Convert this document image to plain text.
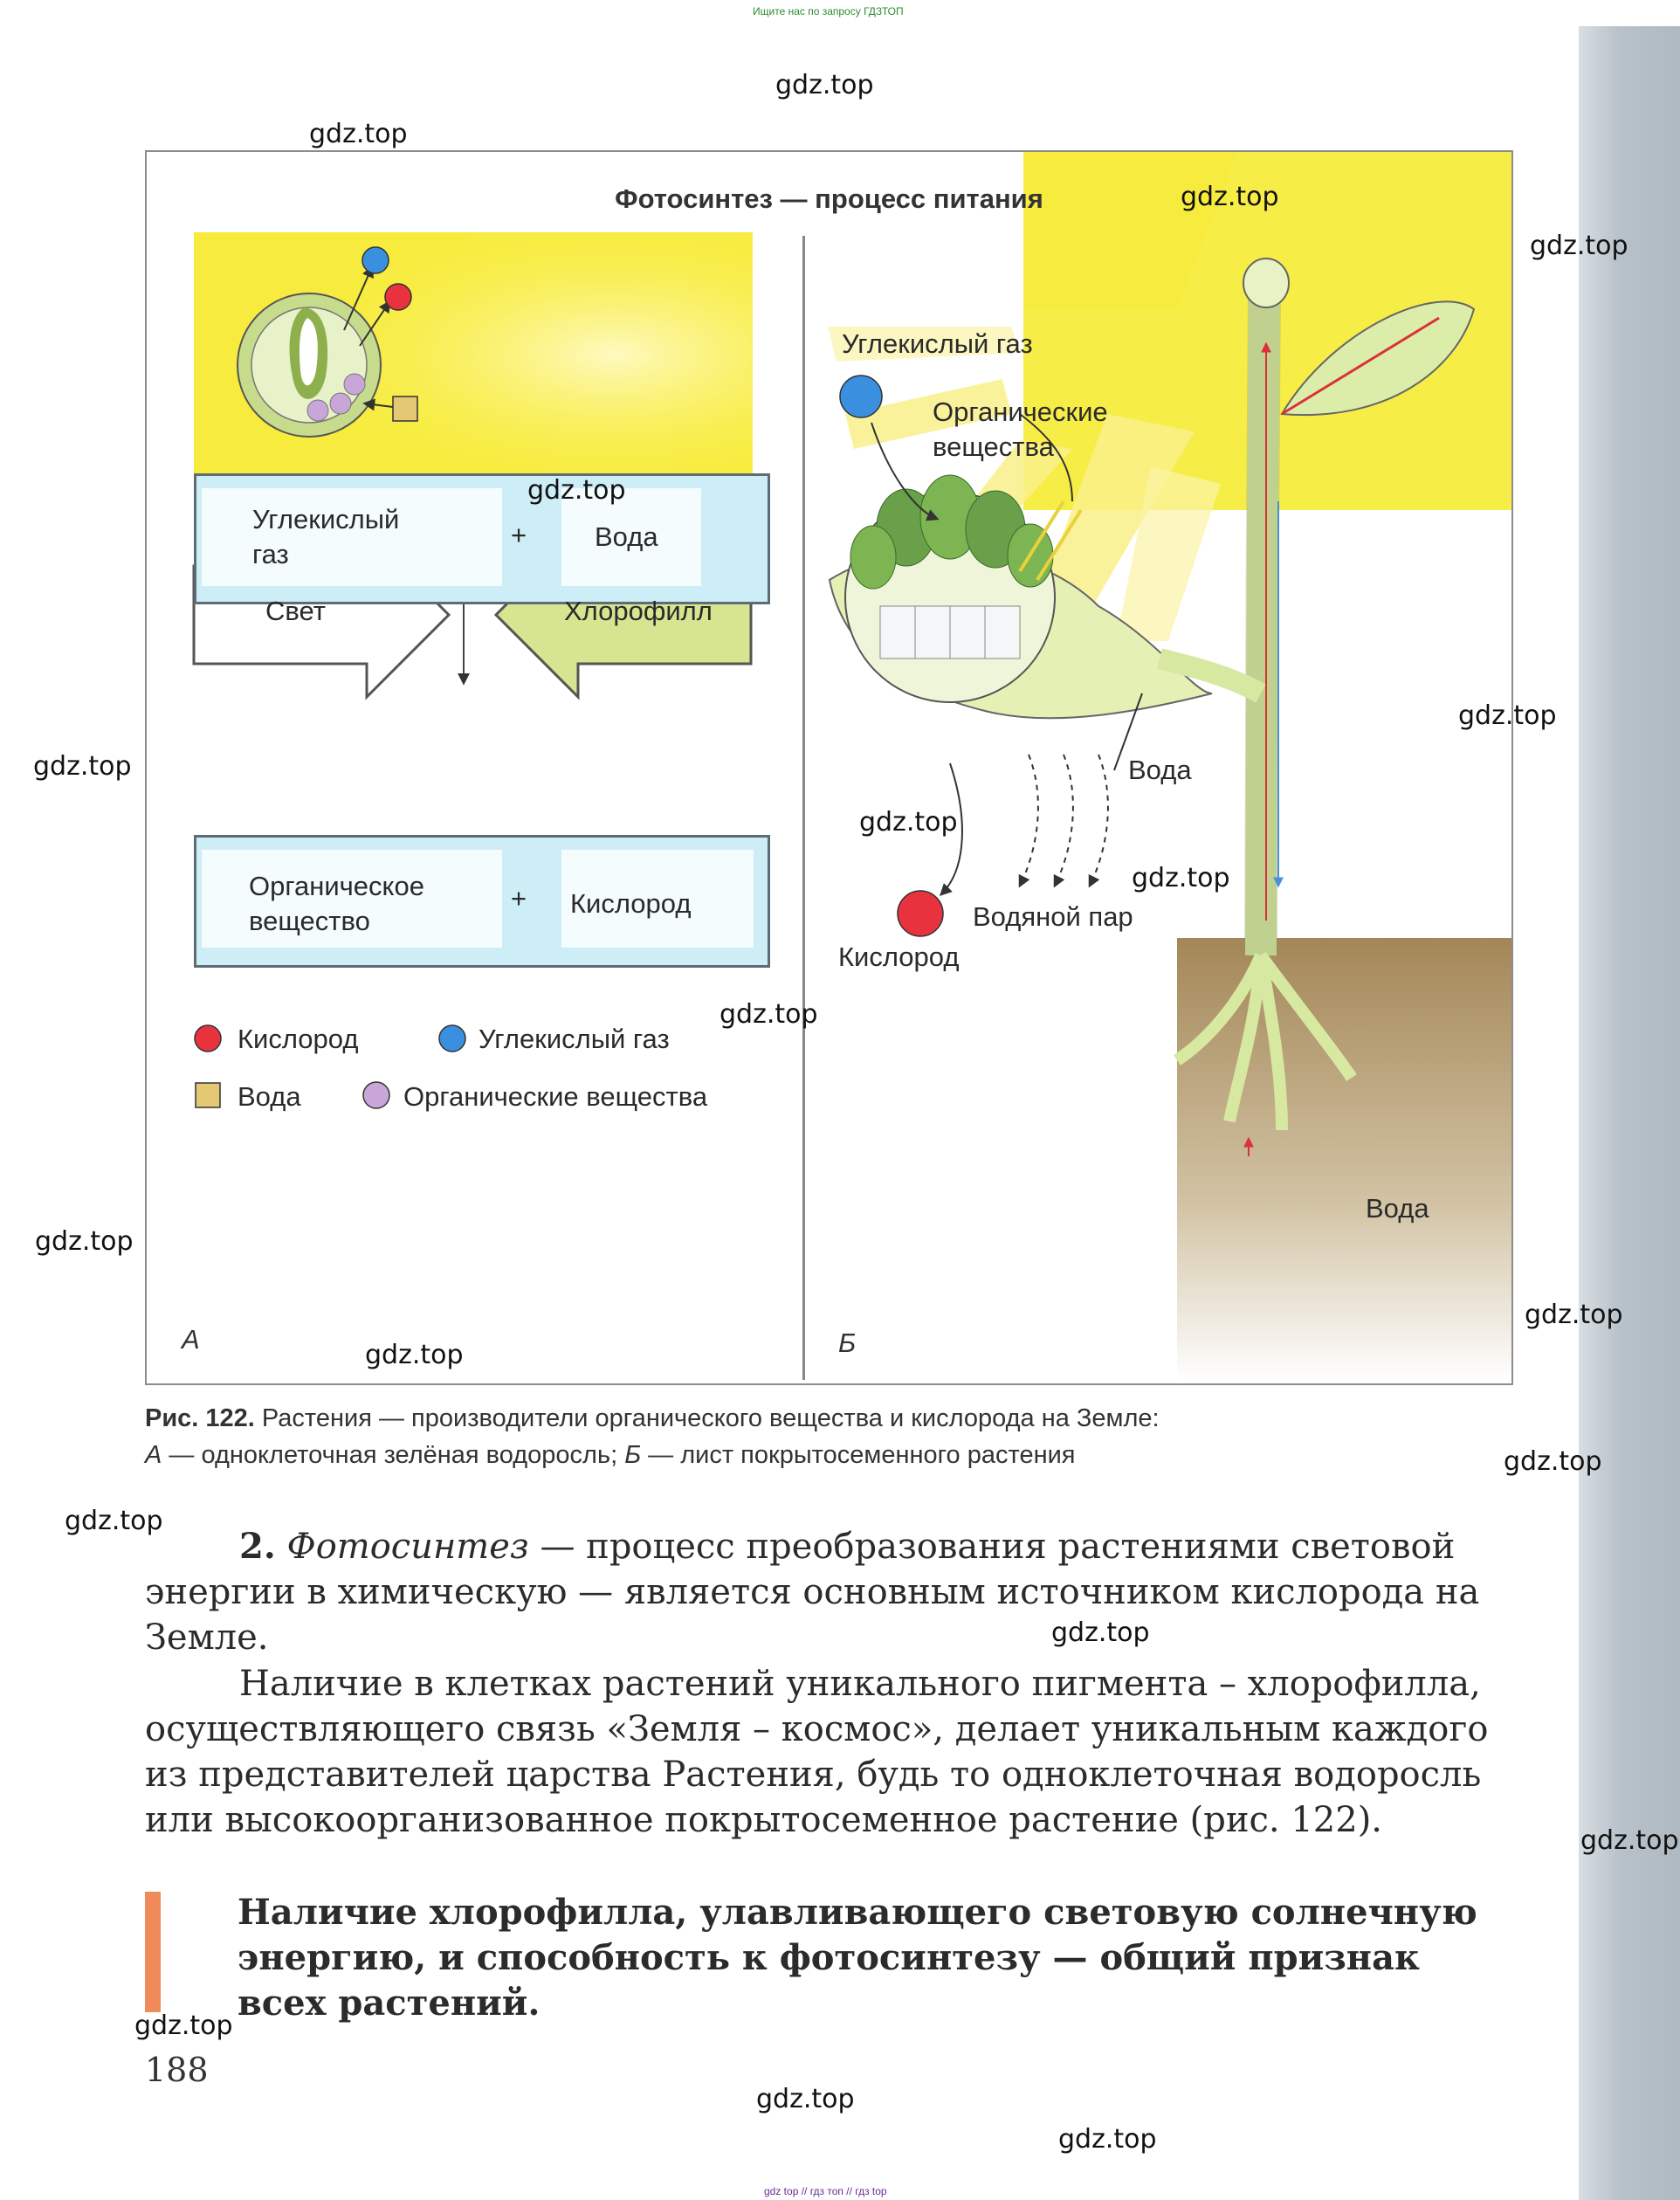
Ищите нас по запросу ГДЗТОП
gdz top // гдз топ // гдз top
Фотосинтез — процесс питания
Углекислый газ
+	Вода
Свет	Хлорофилл
Органическое вещество
+ Кислород
Кислород	Углекислый газ
Вода	Органические вещества
А
Углекислый газ
Органические вещества
Вода
Водяной пар
Кислород
Вода
Б
Рис. 122. Растения — производители органического вещества и кислорода на Земле:
А — одноклеточная зелёная водоросль; Б — лист покрытосеменного растения
2. Фотосинтез — процесс преобразования растениями световой энергии в химическую — является основным источником кислорода на Земле.
Наличие в клетках растений уникального пигмента – хлорофилла, осуществляющего связь «Земля – космос», делает уникальным каждого из представителей царства Растения, будь то одноклеточная водоросль или высокоорганизованное покрытосеменное растение (рис. 122).
Наличие хлорофилла, улавливающего световую солнечную энергию, и способность к фотосинтезу — общий признак всех растений.
188
gdz.top
gdz.top
gdz.top
gdz.top
gdz.top
gdz.top
gdz.top
gdz.top
gdz.top
gdz.top
gdz.top
gdz.top
gdz.top
gdz.top
gdz.top
gdz.top
gdz.top
gdz.top
gdz.top
gdz.top
